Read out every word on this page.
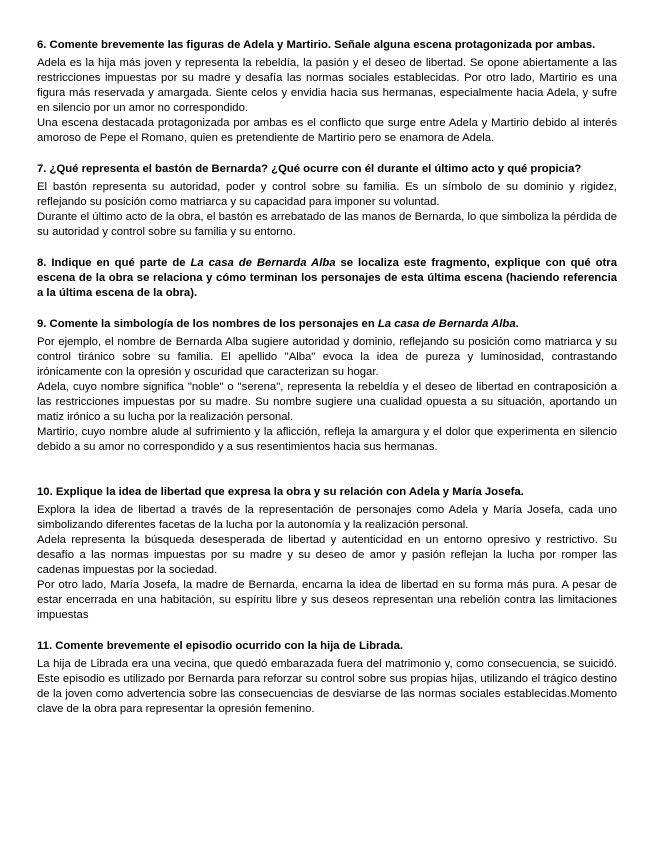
6. Comente brevemente las figuras de Adela y Martirio. Señale alguna escena protagonizada por ambas.

Adela es la hija más joven y representa la rebeldía, la pasión y el deseo de libertad. Se opone abiertamente a las restricciones impuestas por su madre y desafía las normas sociales establecidas. Por otro lado, Martirio es una figura más reservada y amargada. Siente celos y envidia hacia sus hermanas, especialmente hacia Adela, y sufre en silencio por un amor no correspondido.

Una escena destacada protagonizada por ambas es el conflicto que surge entre Adela y Martirio debido al interés amoroso de Pepe el Romano, quien es pretendiente de Martirio pero se enamora de Adela.

7. ¿Qué representa el bastón de Bernarda? ¿Qué ocurre con él durante el último acto y qué propicia?

El bastón representa su autoridad, poder y control sobre su familia. Es un símbolo de su dominio y rigidez, reflejando su posición como matriarca y su capacidad para imponer su voluntad.

Durante el último acto de la obra, el bastón es arrebatado de las manos de Bernarda, lo que simboliza la pérdida de su autoridad y control sobre su familia y su entorno.

8. Indique en qué parte de La casa de Bernarda Alba se localiza este fragmento, explique con qué otra escena de la obra se relaciona y cómo terminan los personajes de esta última escena (haciendo referencia a la última escena de la obra).
9. Comente la simbología de los nombres de los personajes en La casa de Bernarda Alba.

Por ejemplo, el nombre de Bernarda Alba sugiere autoridad y dominio, reflejando su posición como matriarca y su control tiránico sobre su familia. El apellido "Alba" evoca la idea de pureza y luminosidad, contrastando irónicamente con la opresión y oscuridad que caracterizan su hogar.

Adela, cuyo nombre significa "noble" o "serena", representa la rebeldía y el deseo de libertad en contraposición a las restricciones impuestas por su madre. Su nombre sugiere una cualidad opuesta a su situación, aportando un matiz irónico a su lucha por la realización personal.

Martirio, cuyo nombre alude al sufrimiento y la aflicción, refleja la amargura y el dolor que experimenta en silencio debido a su amor no correspondido y a sus resentimientos hacia sus hermanas.

10. Explique la idea de libertad que expresa la obra y su relación con Adela y María Josefa.

Explora la idea de libertad a través de la representación de personajes como Adela y María Josefa, cada uno simbolizando diferentes facetas de la lucha por la autonomía y la realización personal.

Adela representa la búsqueda desesperada de libertad y autenticidad en un entorno opresivo y restrictivo. Su desafío a las normas impuestas por su madre y su deseo de amor y pasión reflejan la lucha por romper las cadenas impuestas por la sociedad.

Por otro lado, María Josefa, la madre de Bernarda, encarna la idea de libertad en su forma más pura. A pesar de estar encerrada en una habitación, su espíritu libre y sus deseos representan una rebelión contra las limitaciones impuestas

11. Comente brevemente el episodio ocurrido con la hija de Librada.

La hija de Librada era una vecina, que quedó embarazada fuera del matrimonio y, como consecuencia, se suicidó. Este episodio es utilizado por Bernarda para reforzar su control sobre sus propias hijas, utilizando el trágico destino de la joven como advertencia sobre las consecuencias de desviarse de las normas sociales establecidas.Momento clave de la obra para representar la opresión femenino.
